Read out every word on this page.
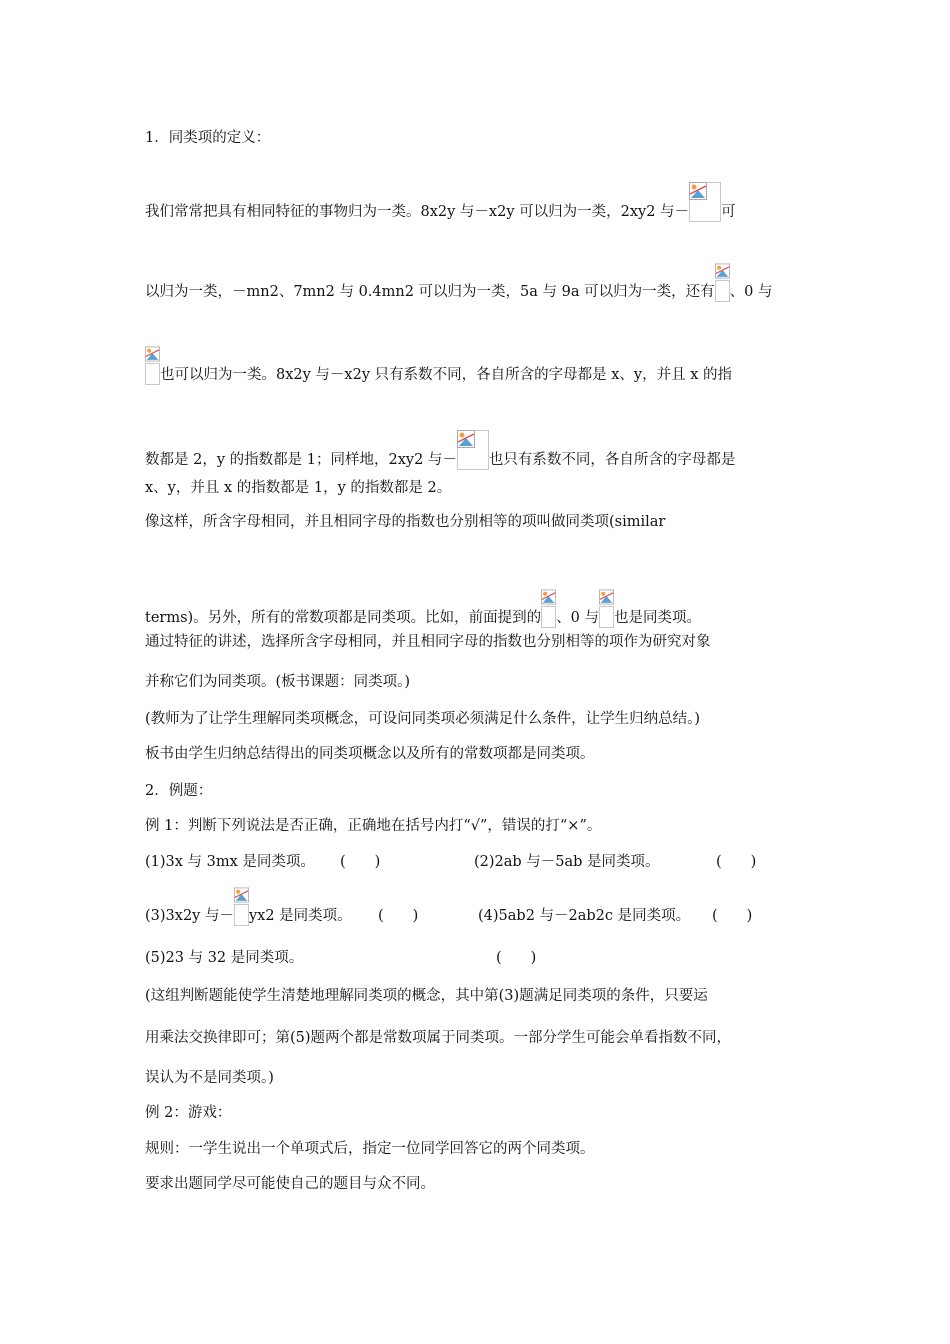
1．同类项的定义：
我们常常把具有相同特征的事物归为一类。8x2y 与－x2y 可以归为一类，2xy2 与－ 可
以归为一类，－mn2、7mn2 与 0.4mn2 可以归为一类，5a 与 9a 可以归为一类，还有 、0 与
也可以归为一类。8x2y 与－x2y 只有系数不同，各自所含的字母都是 x、y，并且 x 的指
数都是 2，y 的指数都是 1；同样地，2xy2 与－ 也只有系数不同，各自所含的字母都是
x、y，并且 x 的指数都是 1，y 的指数都是 2。
像这样，所含字母相同，并且相同字母的指数也分别相等的项叫做同类项(similar
terms)。另外，所有的常数项都是同类项。比如，前面提到的 、0 与 也是同类项。
通过特征的讲述，选择所含字母相同，并且相同字母的指数也分别相等的项作为研究对象
并称它们为同类项。(板书课题：同类项。)
(教师为了让学生理解同类项概念，可设问同类项必须满足什么条件，让学生归纳总结。)
板书由学生归纳总结得出的同类项概念以及所有的常数项都是同类项。
2．例题：
例 1：判断下列说法是否正确，正确地在括号内打“√”，错误的打“×”。
(1)3x 与 3mx 是同类项。 (　　)	(2)2ab 与－5ab 是同类项。	(　　)
(3)3x2y 与－ yx2 是同类项。 (　　)	(4)5ab2 与－2ab2c 是同类项。 (　　)
(5)23 与 32 是同类项。	(　　)
(这组判断题能使学生清楚地理解同类项的概念，其中第(3)题满足同类项的条件，只要运
用乘法交换律即可；第(5)题两个都是常数项属于同类项。一部分学生可能会单看指数不同，
误认为不是同类项。)
例 2：游戏：
规则：一学生说出一个单项式后，指定一位同学回答它的两个同类项。
要求出题同学尽可能使自己的题目与众不同。
